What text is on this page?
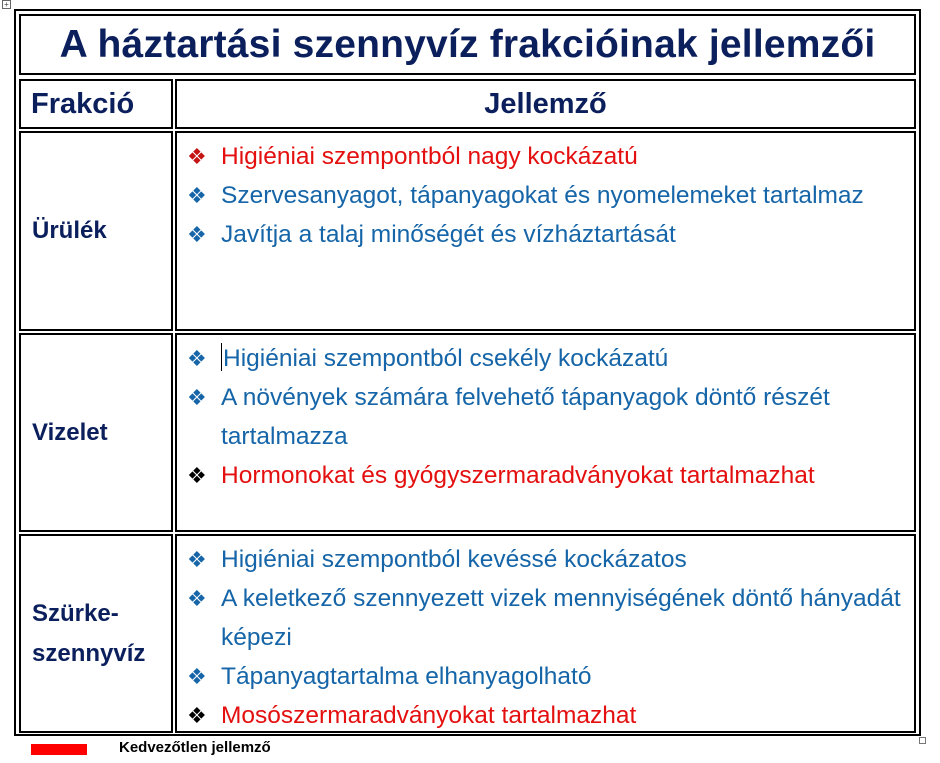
+
A háztartási szennyvíz frakcióinak jellemzői
Frakció	Jellemző
Ürülék
❖ Higiéniai szempontból nagy kockázatú
❖ Szervesanyagot, tápanyagokat és nyomelemeket tartalmaz
❖ Javítja a talaj minőségét és vízháztartását
Vizelet
❖ Higiéniai szempontból csekély kockázatú
❖ A növények számára felvehető tápanyagok döntő részét tartalmazza
❖ Hormonokat és gyógyszermaradványokat tartalmazhat
Szürke-
szennyvíz
❖ Higiéniai szempontból kevéssé kockázatos
❖ A keletkező szennyezett vizek mennyiségének döntő hányadát képezi
❖ Tápanyagtartalma elhanyagolható
❖ Mosószermaradványokat tartalmazhat
Kedvezőtlen jellemző
